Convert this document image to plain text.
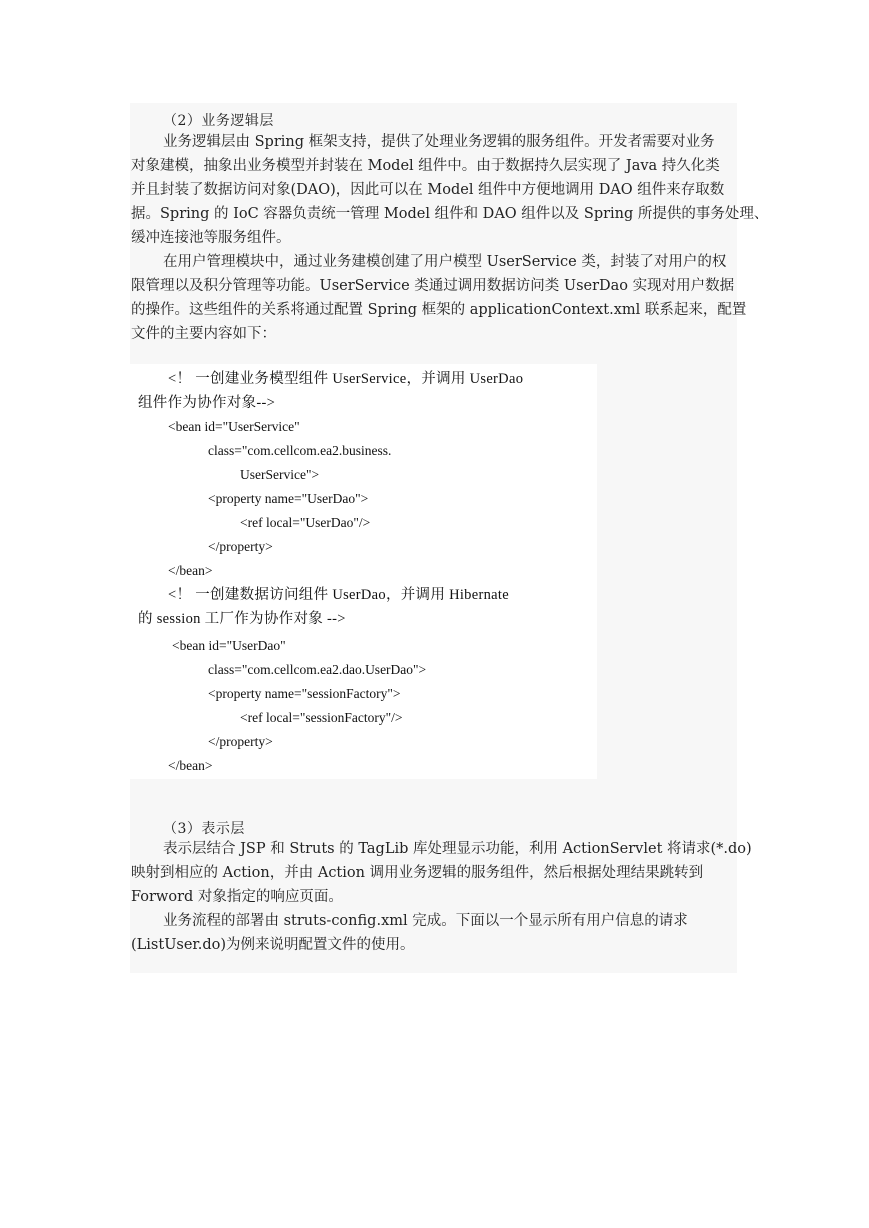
（2）业务逻辑层
业务逻辑层由 Spring 框架支持，提供了处理业务逻辑的服务组件。开发者需要对业务
对象建模，抽象出业务模型并封装在 Model 组件中。由于数据持久层实现了 Java 持久化类
并且封装了数据访问对象(DAO)，因此可以在 Model 组件中方便地调用 DAO 组件来存取数
据。Spring 的 IoC 容器负责统一管理 Model 组件和 DAO 组件以及 Spring 所提供的事务处理、
缓冲连接池等服务组件。
在用户管理模块中，通过业务建模创建了用户模型 UserService 类，封装了对用户的权
限管理以及积分管理等功能。UserService 类通过调用数据访问类 UserDao 实现对用户数据
的操作。这些组件的关系将通过配置 Spring 框架的 applicationContext.xml 联系起来，配置
文件的主要内容如下：
<！ 一创建业务模型组件 UserService，并调用 UserDao
组件作为协作对象-->
<bean id="UserService"
class="com.cellcom.ea2.business.
UserService">
<property name="UserDao">
<ref local="UserDao"/>
</property>
</bean>
<！ 一创建数据访问组件 UserDao，并调用 Hibernate
的 session 工厂作为协作对象 -->
<bean id="UserDao"
class="com.cellcom.ea2.dao.UserDao">
<property name="sessionFactory">
<ref local="sessionFactory"/>
</property>
</bean>
（3）表示层
表示层结合 JSP 和 Struts 的 TagLib 库处理显示功能，利用 ActionServlet 将请求(*.do)
映射到相应的 Action，并由 Action 调用业务逻辑的服务组件，然后根据处理结果跳转到
Forword 对象指定的响应页面。
业务流程的部署由 struts-config.xml 完成。下面以一个显示所有用户信息的请求
(ListUser.do)为例来说明配置文件的使用。
